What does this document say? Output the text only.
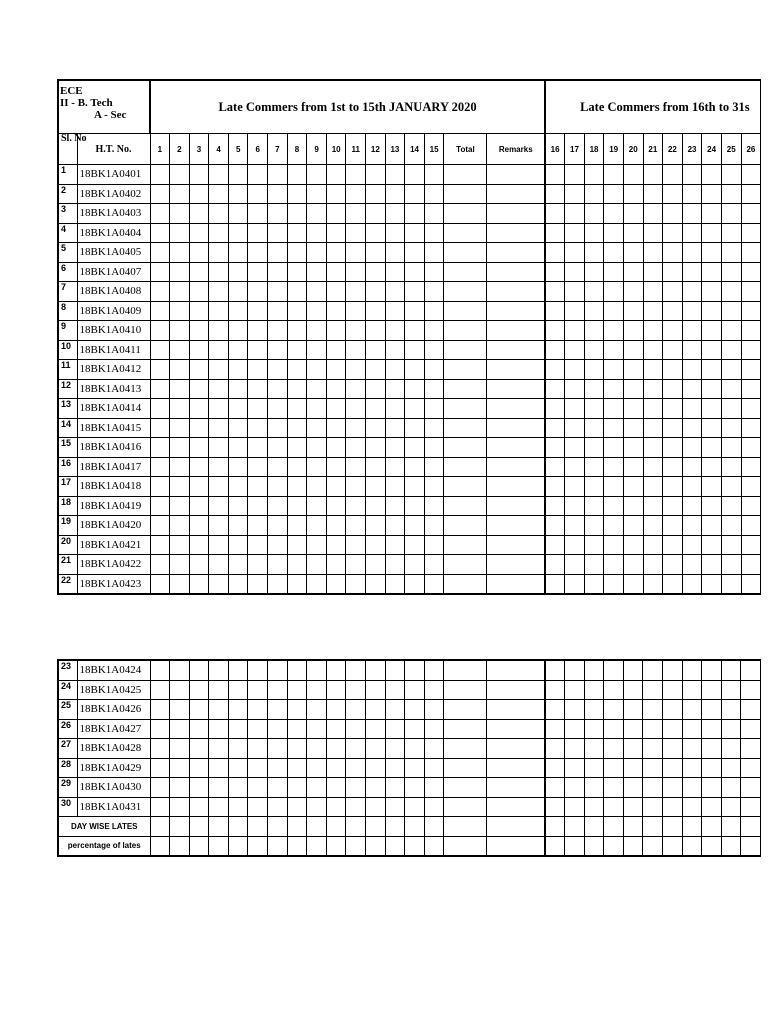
ECE
II - B. Tech
A - Sec		Late Commers from 1st to 15th JANUARY 2020																	Late Commers from 16th to 31s										
Sl. No	H.T. No.	1	2	3	4	5	6	7	8	9	10	11	12	13	14	15	Total	Remarks	16	17	18	19	20	21	22	23	24	25	26
1	18BK1A0401																												
2	18BK1A0402																												
3	18BK1A0403																												
4	18BK1A0404																												
5	18BK1A0405																												
6	18BK1A0407																												
7	18BK1A0408																												
8	18BK1A0409																												
9	18BK1A0410																												
10	18BK1A0411																												
11	18BK1A0412																												
12	18BK1A0413																												
13	18BK1A0414																												
14	18BK1A0415																												
15	18BK1A0416																												
16	18BK1A0417																												
17	18BK1A0418																												
18	18BK1A0419																												
19	18BK1A0420																												
20	18BK1A0421																												
21	18BK1A0422																												
22	18BK1A0423																												
23	18BK1A0424																												
24	18BK1A0425																												
25	18BK1A0426																												
26	18BK1A0427																												
27	18BK1A0428																												
28	18BK1A0429																												
29	18BK1A0430																												
30	18BK1A0431																												
DAY WISE LATES																													
percentage of lates																													
